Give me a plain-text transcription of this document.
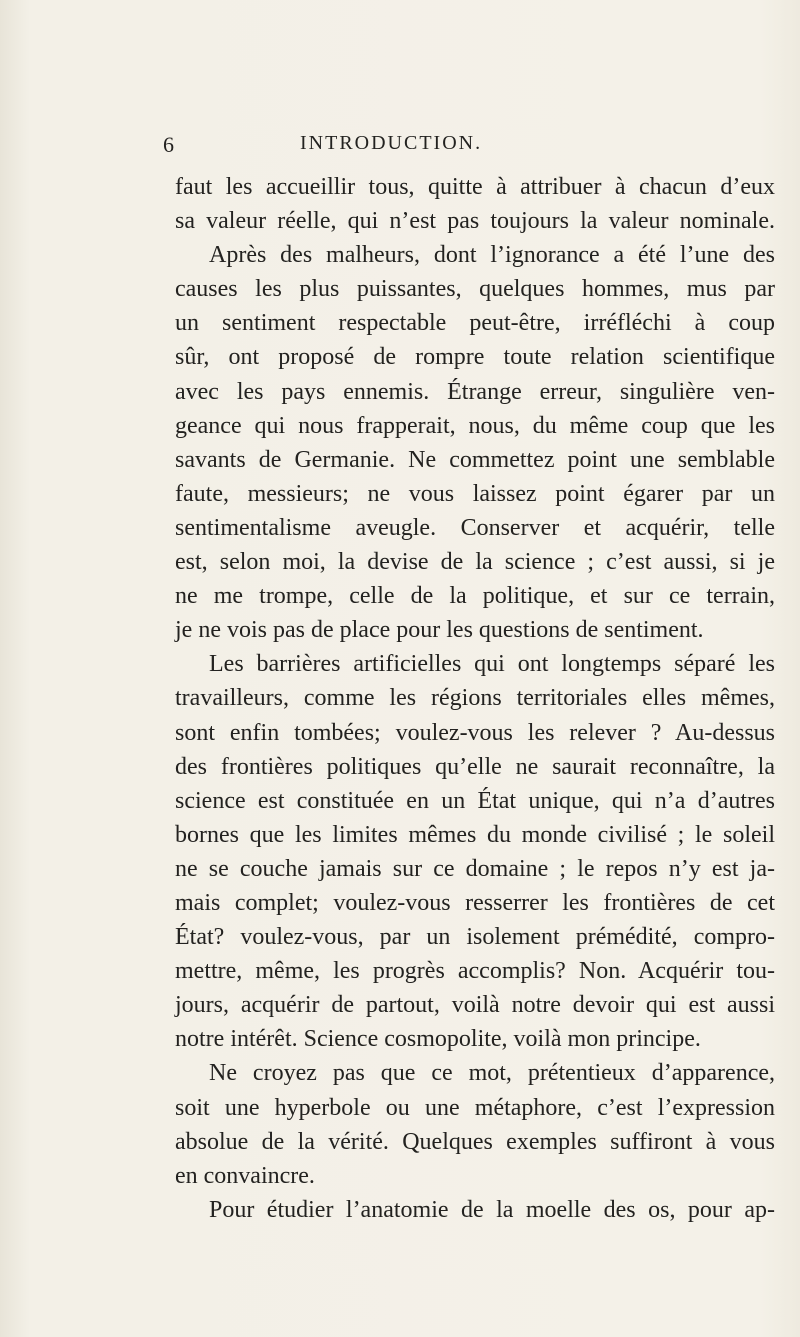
6	INTRODUCTION.
faut les accueillir tous, quitte à attribuer à chacun d’eux
sa valeur réelle, qui n’est pas toujours la valeur nominale.
Après des malheurs, dont l’ignorance a été l’une des
causes les plus puissantes, quelques hommes, mus par
un sentiment respectable peut-être, irréfléchi à coup
sûr, ont proposé de rompre toute relation scientifique
avec les pays ennemis. Étrange erreur, singulière ven-
geance qui nous frapperait, nous, du même coup que les
savants de Germanie. Ne commettez point une semblable
faute, messieurs; ne vous laissez point égarer par un
sentimentalisme aveugle. Conserver et acquérir, telle
est, selon moi, la devise de la science ; c’est aussi, si je
ne me trompe, celle de la politique, et sur ce terrain,
je ne vois pas de place pour les questions de sentiment.
Les barrières artificielles qui ont longtemps séparé les
travailleurs, comme les régions territoriales elles mêmes,
sont enfin tombées; voulez-vous les relever ? Au-dessus
des frontières politiques qu’elle ne saurait reconnaître, la
science est constituée en un État unique, qui n’a d’autres
bornes que les limites mêmes du monde civilisé ; le soleil
ne se couche jamais sur ce domaine ; le repos n’y est ja-
mais complet; voulez-vous resserrer les frontières de cet
État? voulez-vous, par un isolement prémédité, compro-
mettre, même, les progrès accomplis? Non. Acquérir tou-
jours, acquérir de partout, voilà notre devoir qui est aussi
notre intérêt. Science cosmopolite, voilà mon principe.
Ne croyez pas que ce mot, prétentieux d’apparence,
soit une hyperbole ou une métaphore, c’est l’expression
absolue de la vérité. Quelques exemples suffiront à vous
en convaincre.
Pour étudier l’anatomie de la moelle des os, pour ap-
